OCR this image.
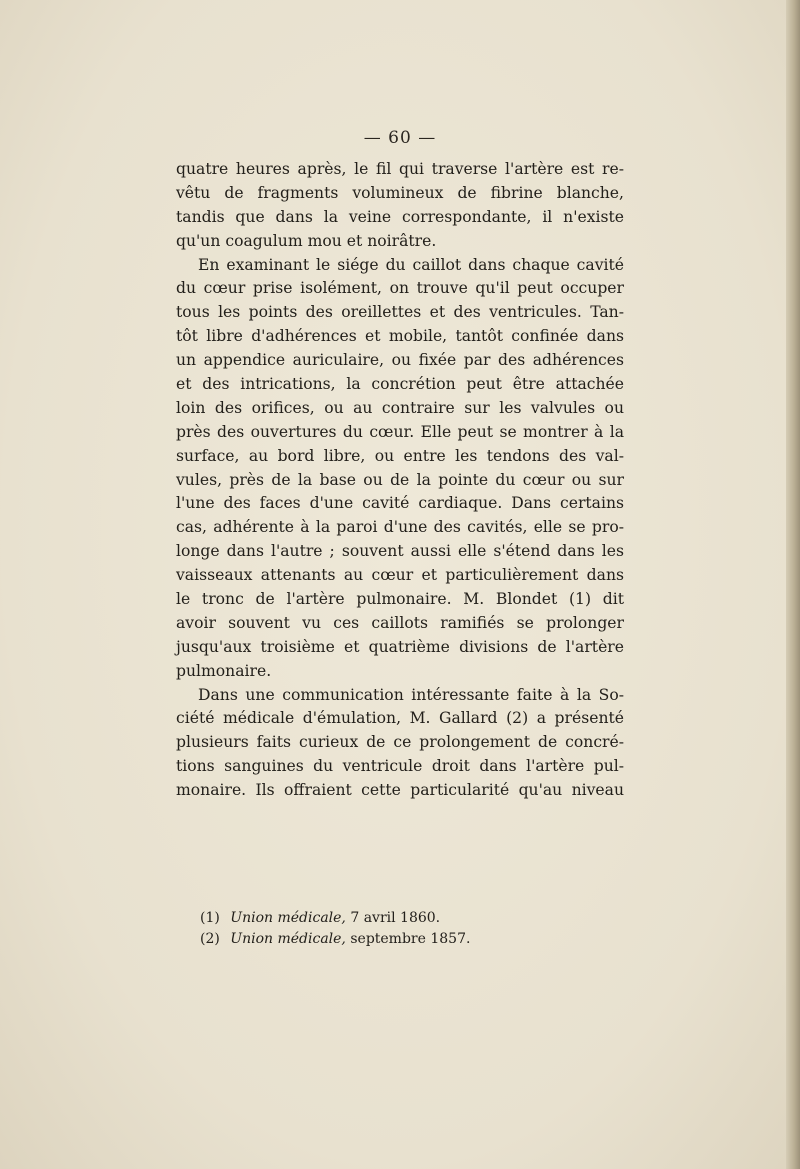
— 60 —
quatre heures après, le fil qui traverse l'artère est re-
vêtu de fragments volumineux de fibrine blanche,
tandis que dans la veine correspondante, il n'existe
qu'un coagulum mou et noirâtre.
En examinant le siége du caillot dans chaque cavité
du cœur prise isolément, on trouve qu'il peut occuper
tous les points des oreillettes et des ventricules. Tan-
tôt libre d'adhérences et mobile, tantôt confinée dans
un appendice auriculaire, ou fixée par des adhérences
et des intrications, la concrétion peut être attachée
loin des orifices, ou au contraire sur les valvules ou
près des ouvertures du cœur. Elle peut se montrer à la
surface, au bord libre, ou entre les tendons des val-
vules, près de la base ou de la pointe du cœur ou sur
l'une des faces d'une cavité cardiaque. Dans certains
cas, adhérente à la paroi d'une des cavités, elle se pro-
longe dans l'autre ; souvent aussi elle s'étend dans les
vaisseaux attenants au cœur et particulièrement dans
le tronc de l'artère pulmonaire. M. Blondet (1) dit
avoir souvent vu ces caillots ramifiés se prolonger
jusqu'aux troisième et quatrième divisions de l'artère
pulmonaire.
Dans une communication intéressante faite à la So-
ciété médicale d'émulation, M. Gallard (2) a présenté
plusieurs faits curieux de ce prolongement de concré-
tions sanguines du ventricule droit dans l'artère pul-
monaire. Ils offraient cette particularité qu'au niveau
(1) Union médicale, 7 avril 1860.
(2) Union médicale, septembre 1857.
